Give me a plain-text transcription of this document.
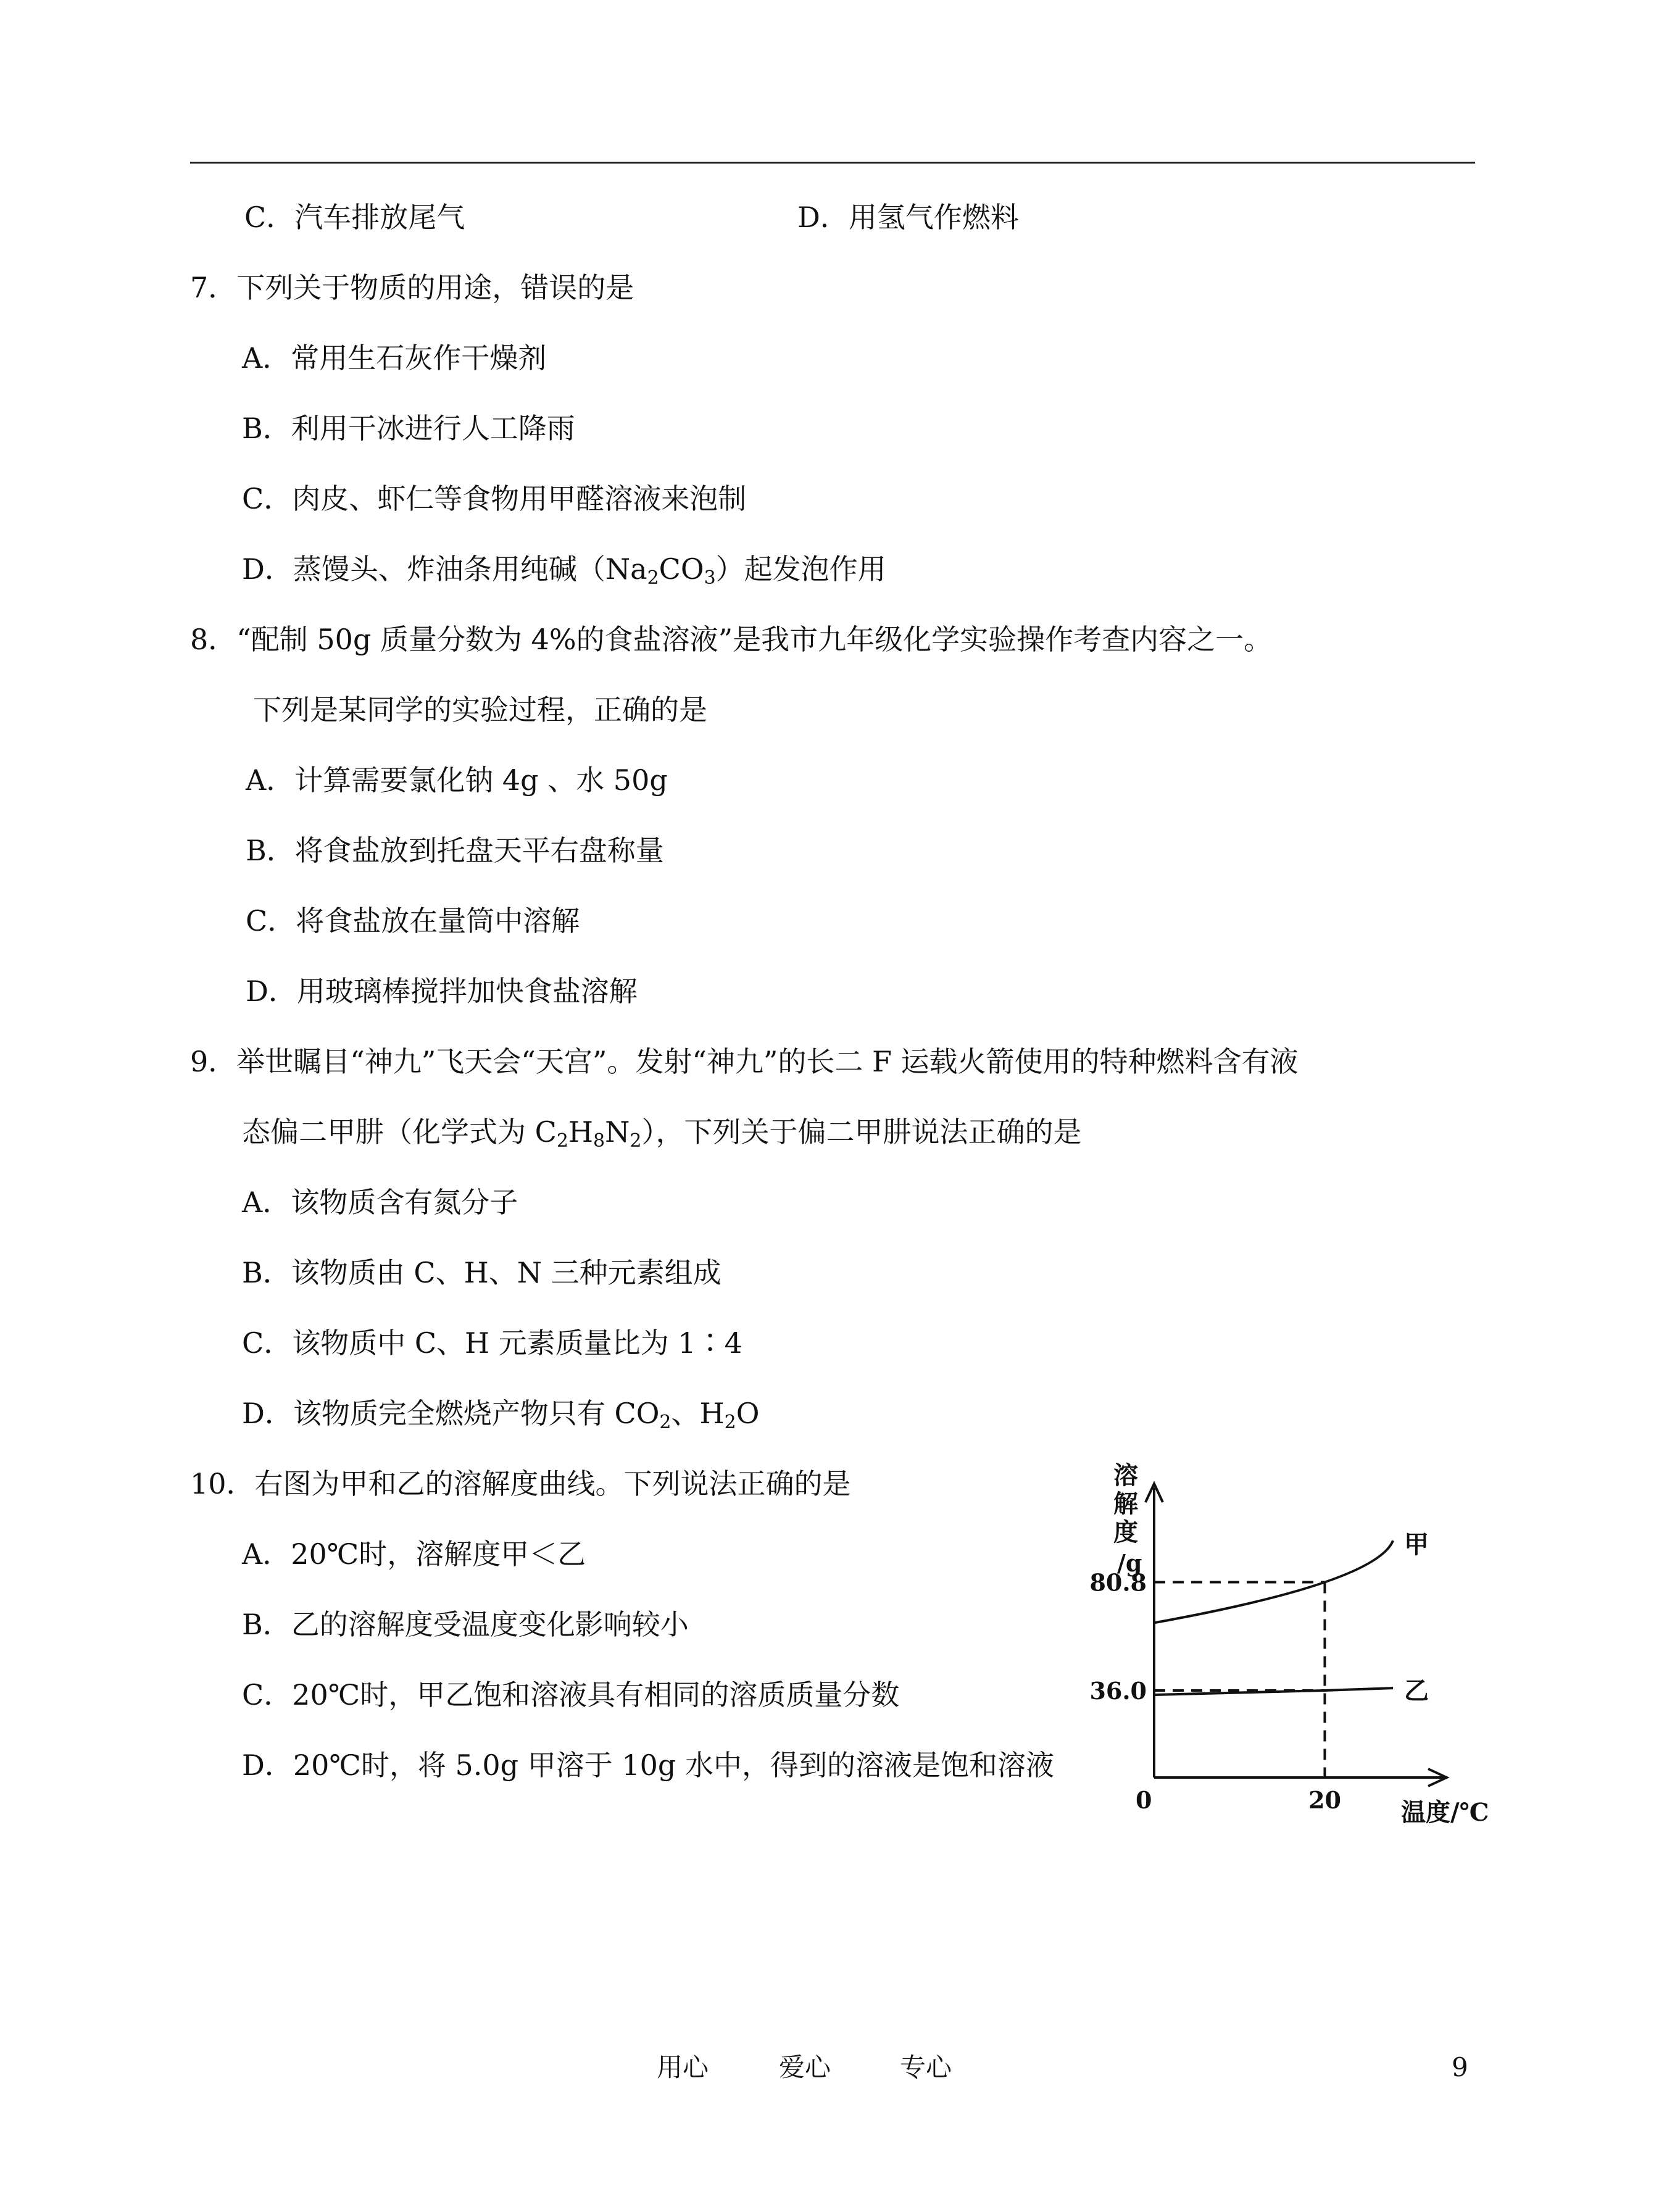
C．汽车排放尾气	D．用氢气作燃料
7．下列关于物质的用途，错误的是
A．常用生石灰作干燥剂
B．利用干冰进行人工降雨
C．肉皮、虾仁等食物用甲醛溶液来泡制
D．蒸馒头、炸油条用纯碱$(Na_2CO_3)$起发泡作用
8．“配制 50g 质量分数为 4%的食盐溶液”是我市九年级化学实验操作考查内容之一。
下列是某同学的实验过程，正确的是
A．计算需要氯化钠 4g 、水 50g
B．将食盐放到托盘天平右盘称量
C．将食盐放在量筒中溶解
D．用玻璃棒搅拌加快食盐溶解
9．举世瞩目“神九”飞天会“天宫”。发射“神九”的长二 F 运载火箭使用的特种燃料含有液
态偏二甲肼（化学式为 $C_2H_8N_2$），下列关于偏二甲肼说法正确的是
A．该物质含有氮分子
B．该物质由 C、H、N 三种元素组成
C．该物质中 C、H 元素质量比为 1∶4
D．该物质完全燃烧产物只有 $CO_2$、$H_2O$
10．右图为甲和乙的溶解度曲线。下列说法正确的是
A．20℃时，溶解度甲＜乙
B．乙的溶解度受温度变化影响较小
C．20℃时，甲乙饱和溶液具有相同的溶质质量分数
D．20℃时，将 5.0g 甲溶于 10g 水中，得到的溶液是饱和溶液
溶
解
度
/g
温度/℃
0	20
80.8
36.0
甲
乙
用心	爱心	专心	9
